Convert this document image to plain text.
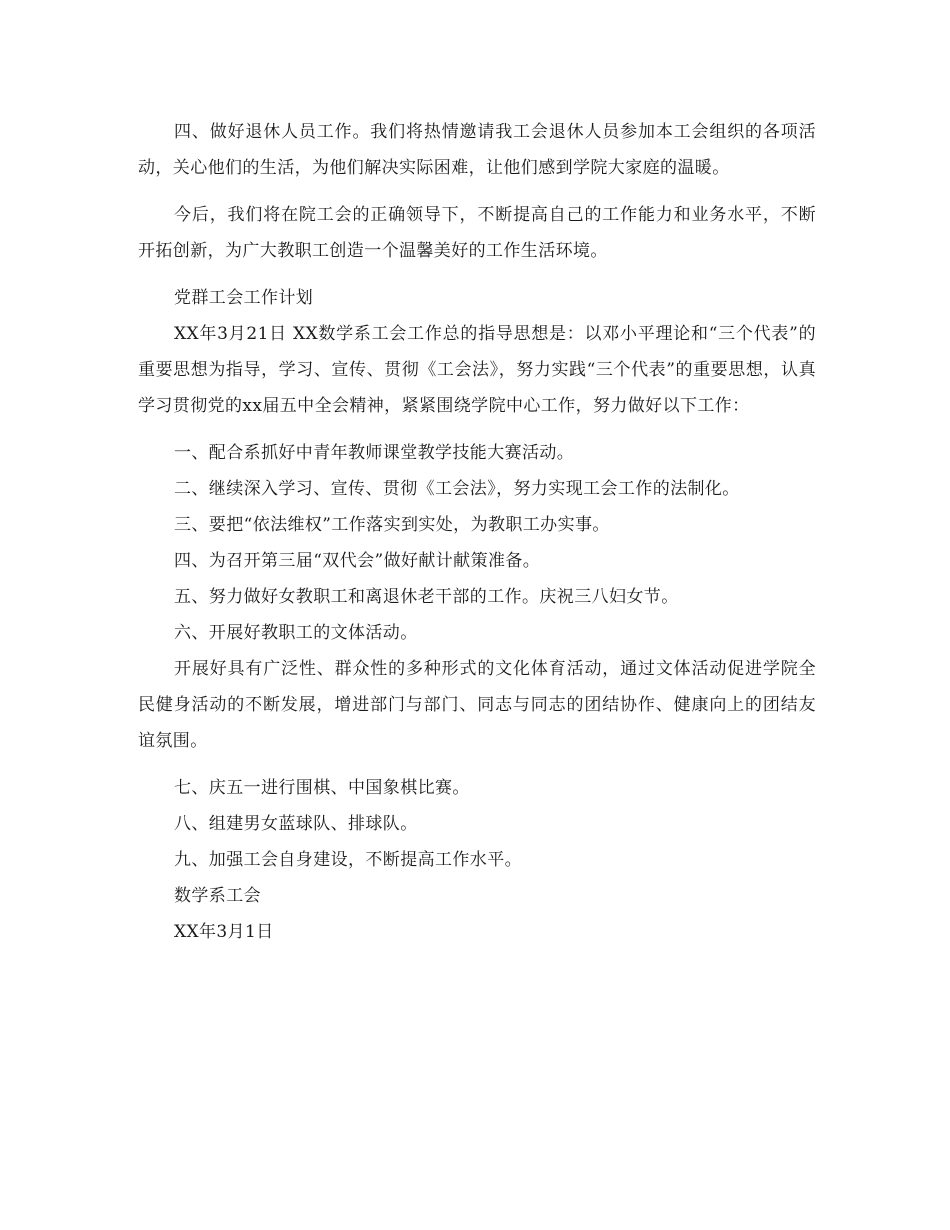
四、做好退休人员工作。我们将热情邀请我工会退休人员参加本工会组织的各项活动，关心他们的生活，为他们解决实际困难，让他们感到学院大家庭的温暖。

今后，我们将在院工会的正确领导下，不断提高自己的工作能力和业务水平，不断开拓创新，为广大教职工创造一个温馨美好的工作生活环境。

党群工会工作计划

XX年3月21日 XX数学系工会工作总的指导思想是：以邓小平理论和“三个代表”的重要思想为指导，学习、宣传、贯彻《工会法》，努力实践“三个代表”的重要思想，认真学习贯彻党的xx届五中全会精神，紧紧围绕学院中心工作，努力做好以下工作：

一、配合系抓好中青年教师课堂教学技能大赛活动。

二、继续深入学习、宣传、贯彻《工会法》，努力实现工会工作的法制化。

三、要把“依法维权”工作落实到实处，为教职工办实事。

四、为召开第三届“双代会”做好献计献策准备。

五、努力做好女教职工和离退休老干部的工作。庆祝三八妇女节。

六、开展好教职工的文体活动。

开展好具有广泛性、群众性的多种形式的文化体育活动，通过文体活动促进学院全民健身活动的不断发展，增进部门与部门、同志与同志的团结协作、健康向上的团结友谊氛围。

七、庆五一进行围棋、中国象棋比赛。

八、组建男女蓝球队、排球队。

九、加强工会自身建设，不断提高工作水平。

数学系工会

XX年3月1日
